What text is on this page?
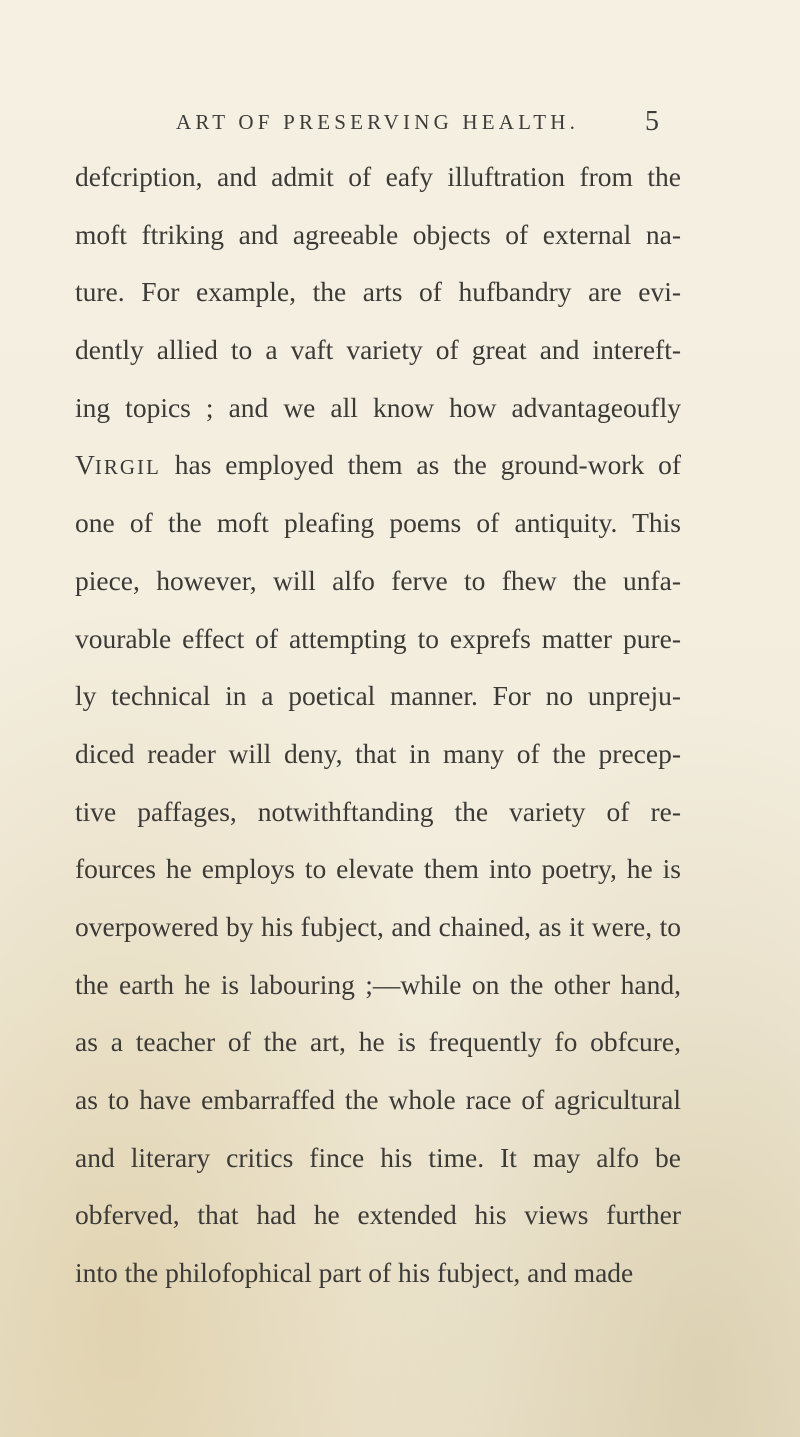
ART OF PRESERVING HEALTH. 5
defcription, and admit of eafy illuftration from the
moft ftriking and agreeable objects of external na-
ture. For example, the arts of hufbandry are evi-
dently allied to a vaft variety of great and intereft-
ing topics ; and we all know how advantageoufly
VIRGIL has employed them as the ground-work of
one of the moft pleafing poems of antiquity. This
piece, however, will alfo ferve to fhew the unfa-
vourable effect of attempting to exprefs matter pure-
ly technical in a poetical manner. For no unpreju-
diced reader will deny, that in many of the precep-
tive paffages, notwithftanding the variety of re-
fources he employs to elevate them into poetry, he is
overpowered by his fubject, and chained, as it were, to
the earth he is labouring ;—while on the other hand,
as a teacher of the art, he is frequently fo obfcure,
as to have embarraffed the whole race of agricultural
and literary critics fince his time. It may alfo be
obferved, that had he extended his views further
into the philofophical part of his fubject, and made
